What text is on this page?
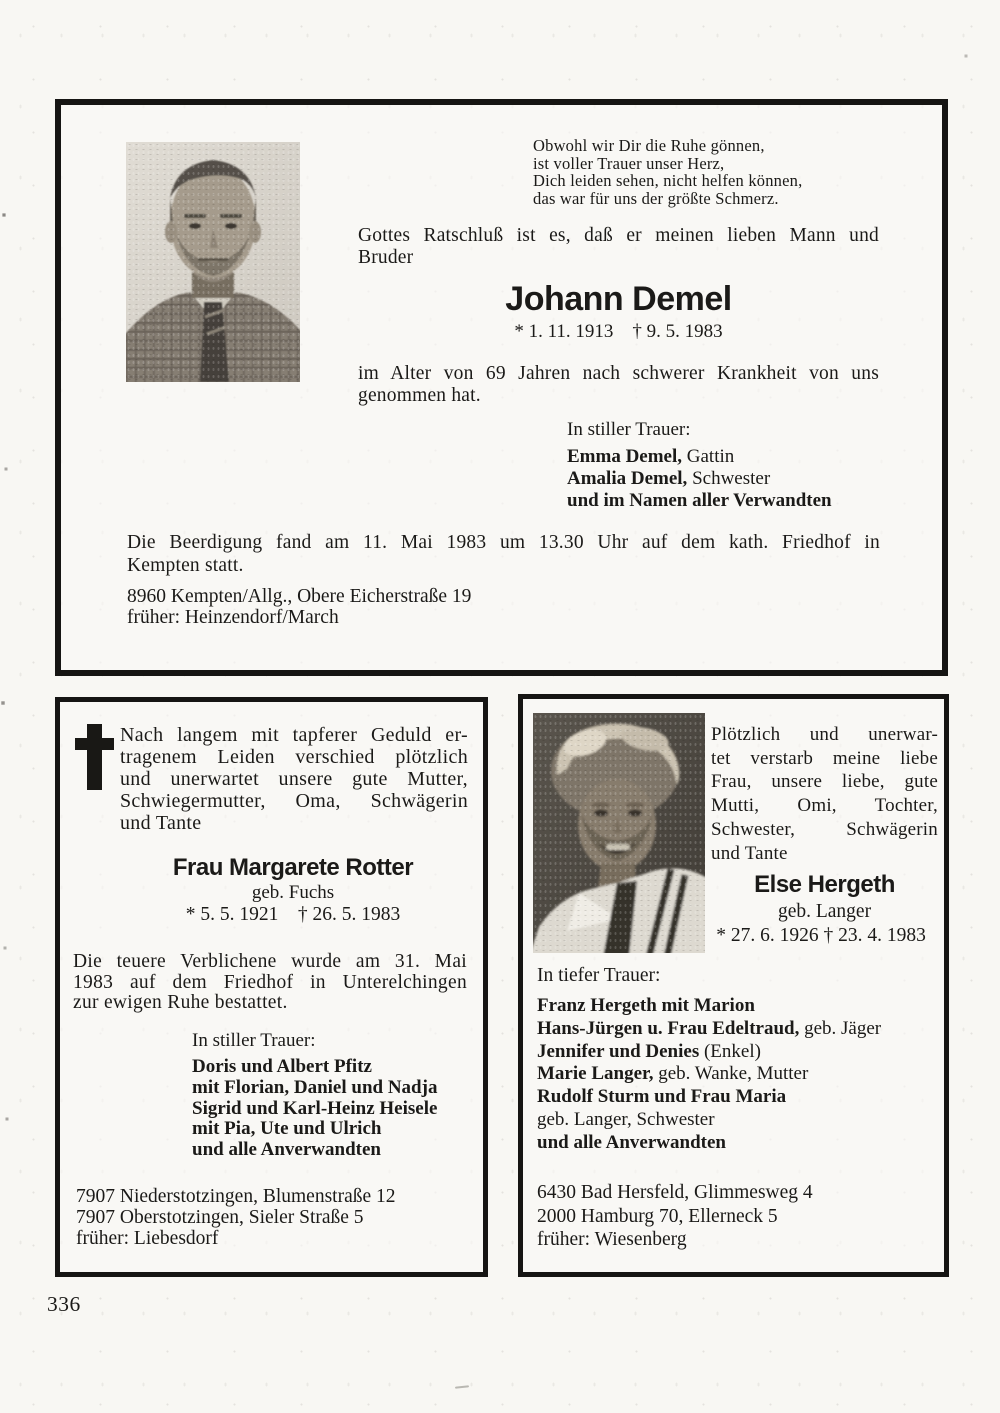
Obwohl wir Dir die Ruhe gönnen,
ist voller Trauer unser Herz,
Dich leiden sehen, nicht helfen können,
das war für uns der größte Schmerz.
Gottes Ratschluß ist es, daß er meinen lieben Mann und
Bruder
Johann Demel
* 1. 11. 1913 † 9. 5. 1983
im Alter von 69 Jahren nach schwerer Krankheit von uns
genommen hat.
In stiller Trauer:
Emma Demel, Gattin
Amalia Demel, Schwester
und im Namen aller Verwandten
Die Beerdigung fand am 11. Mai 1983 um 13.30 Uhr auf dem kath. Friedhof in
Kempten statt.
8960 Kempten/Allg., Obere Eicherstraße 19
früher: Heinzendorf/March
Nach langem mit tapferer Geduld er-
tragenem Leiden verschied plötzlich
und unerwartet unsere gute Mutter,
Schwiegermutter, Oma, Schwägerin
und Tante
Frau Margarete Rotter
geb. Fuchs
* 5. 5. 1921 † 26. 5. 1983
Die teuere Verblichene wurde am 31. Mai
1983 auf dem Friedhof in Unterelchingen
zur ewigen Ruhe bestattet.
In stiller Trauer:
Doris und Albert Pfitz
mit Florian, Daniel und Nadja
Sigrid und Karl-Heinz Heisele
mit Pia, Ute und Ulrich
und alle Anverwandten
7907 Niederstotzingen, Blumenstraße 12
7907 Oberstotzingen, Sieler Straße 5
früher: Liebesdorf
Plötzlich und unerwar-
tet verstarb meine liebe
Frau, unsere liebe, gute
Mutti, Omi, Tochter,
Schwester, Schwägerin
und Tante
Else Hergeth
geb. Langer
* 27. 6. 1926 † 23. 4. 1983
In tiefer Trauer:
Franz Hergeth mit Marion
Hans-Jürgen u. Frau Edeltraud, geb. Jäger
Jennifer und Denies (Enkel)
Marie Langer, geb. Wanke, Mutter
Rudolf Sturm und Frau Maria
geb. Langer, Schwester
und alle Anverwandten
6430 Bad Hersfeld, Glimmesweg 4
2000 Hamburg 70, Ellerneck 5
früher: Wiesenberg
336
